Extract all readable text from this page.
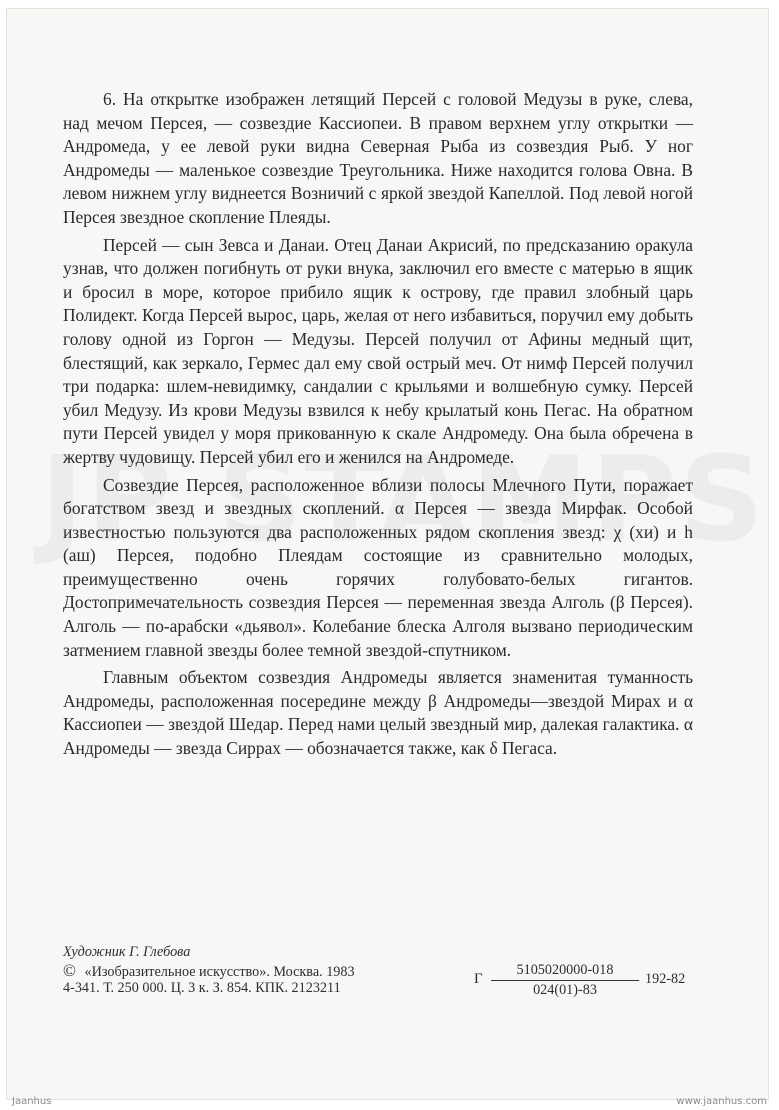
6. На открытке изображен летящий Персей с головой Медузы в руке, слева, над мечом Персея, — созвездие Кассиопеи. В правом верхнем углу открытки — Андромеда, у ее левой руки видна Северная Рыба из созвездия Рыб. У ног Андромеды — маленькое созвездие Треугольника. Ниже находится голова Овна. В левом нижнем углу виднеется Возничий с яркой звездой Капеллой. Под левой ногой Персея звездное скопление Плеяды.

Персей — сын Зевса и Данаи. Отец Данаи Акрисий, по предсказанию оракула узнав, что должен погибнуть от руки внука, заключил его вместе с матерью в ящик и бросил в море, которое прибило ящик к острову, где правил злобный царь Полидект. Когда Персей вырос, царь, желая от него избавиться, поручил ему добыть голову одной из Горгон — Медузы. Персей получил от Афины медный щит, блестящий, как зеркало, Гермес дал ему свой острый меч. От нимф Персей получил три подарка: шлем-невидимку, сандалии с крыльями и волшебную сумку. Персей убил Медузу. Из крови Медузы взвился к небу крылатый конь Пегас. На обратном пути Персей увидел у моря прикованную к скале Андромеду. Она была обречена в жертву чудовищу. Персей убил его и женился на Андромеде.

Созвездие Персея, расположенное вблизи полосы Млечного Пути, поражает богатством звезд и звездных скоплений. α Персея — звезда Мирфак. Особой известностью пользуются два расположенных рядом скопления звезд: χ (хи) и h (аш) Персея, подобно Плеядам состоящие из сравнительно молодых, преимущественно очень горячих голубовато-белых гигантов. Достопримечательность созвездия Персея — переменная звезда Алголь (β Персея). Алголь — по-арабски «дьявол». Колебание блеска Алголя вызвано периодическим затмением главной звезды более темной звездой-спутником.

Главным объектом созвездия Андромеды является знаменитая туманность Андромеды, расположенная посередине между β Андромеды—звездой Мирах и α Кассиопеи — звездой Шедар. Перед нами целый звездный мир, далекая галактика. α Андромеды — звезда Сиррах — обозначается также, как δ Пегаса.

Художник Г. Глебова
© «Изобразительное искусство». Москва. 1983
4-341. Т. 250 000. Ц. 3 к. З. 854. КПК. 2123211
Г $\frac{5105020000-018}{024(01)-83} 192-82$
Jaanhus	www.jaanhus.com
